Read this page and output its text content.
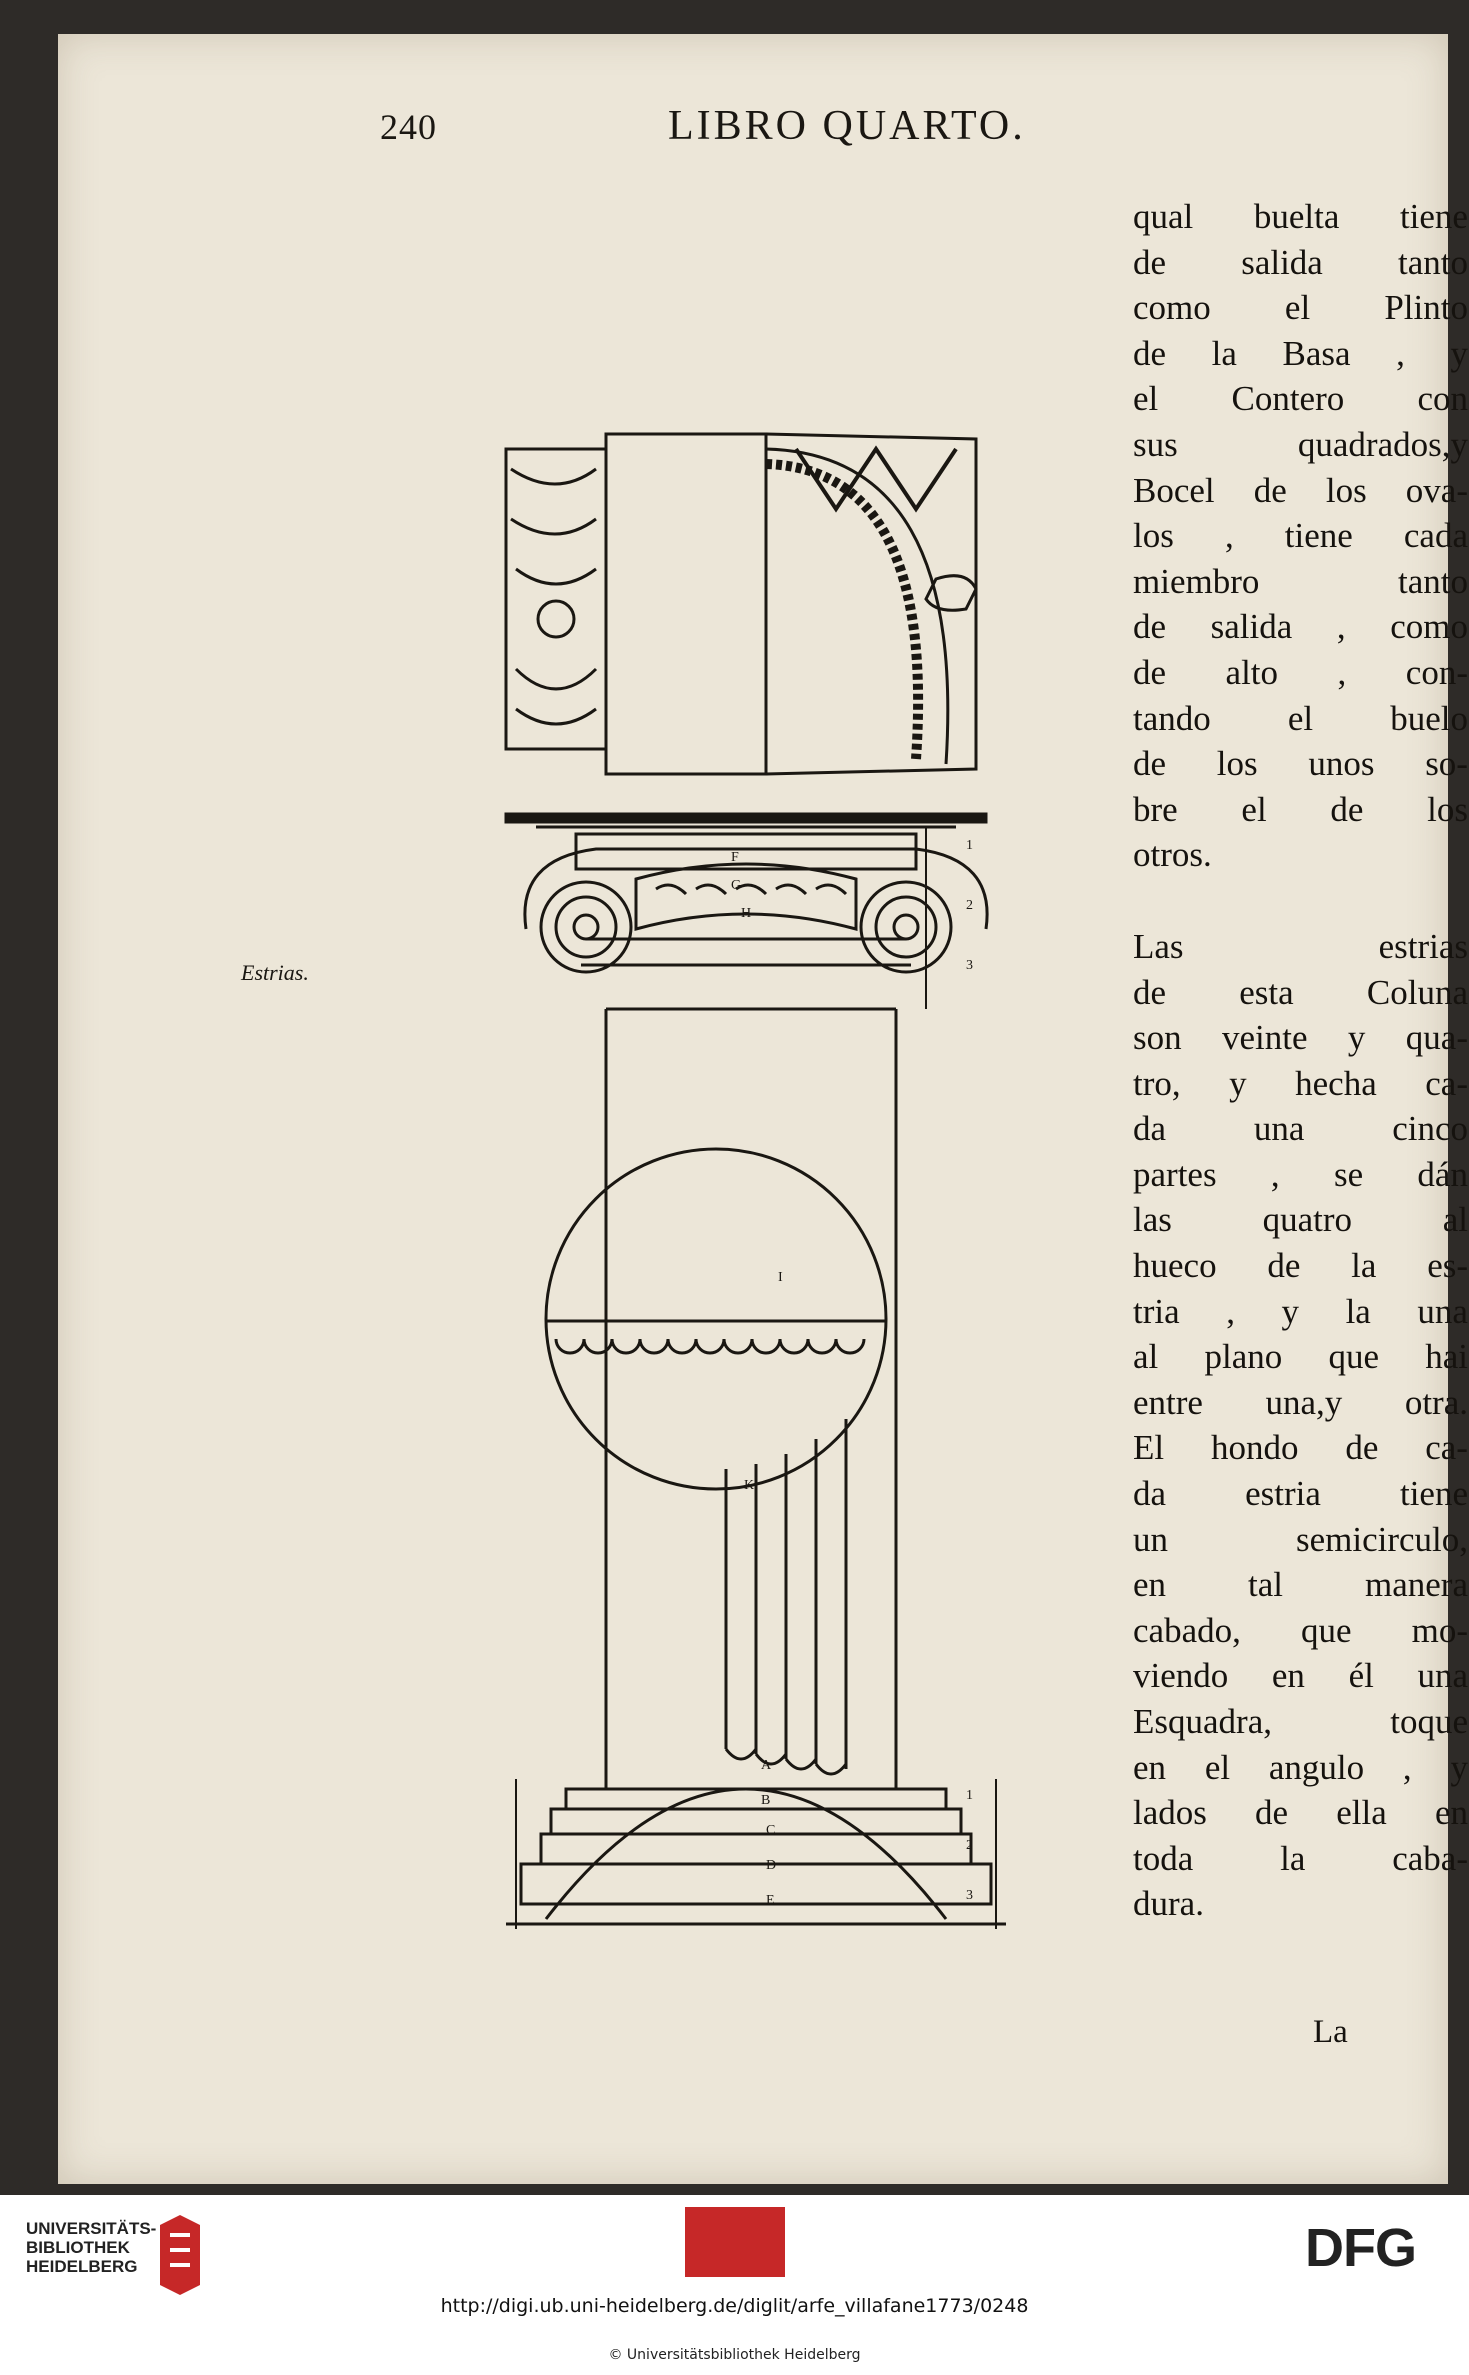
240	LIBRO QUARTO.
Estrias.
qual buelta tiene
de salida tanto
como el Plinto
de la Basa , y
el Contero con
sus	quadrados,y
Bocel de los ova-
los , tiene cada
miembro	tanto
de salida , como
de alto , con-
tando el buelo
de los unos so-
bre el de los
otros.
Las	estrias
de esta Coluna
son veinte y qua-
tro, y hecha ca-
da	una	cinco
partes , se dán
las	quatro	al
hueco de la es-
tria , y la una
al plano que hai
entre una,y otra.
El hondo de ca-
da estria tiene
un	semicirculo,
en tal manera
cabado, que mo-
viendo en él una
Esquadra,	toque
en el angulo , y
lados de ella en
toda la caba-
dura.
La
F
G
H
I
K
A
B
C
D
E
1
2
3
1
2
3
UNIVERSITÄTS-
BIBLIOTHEK
HEIDELBERG	DFG
http://digi.ub.uni-heidelberg.de/diglit/arfe_villafane1773/0248
© Universitätsbibliothek Heidelberg
